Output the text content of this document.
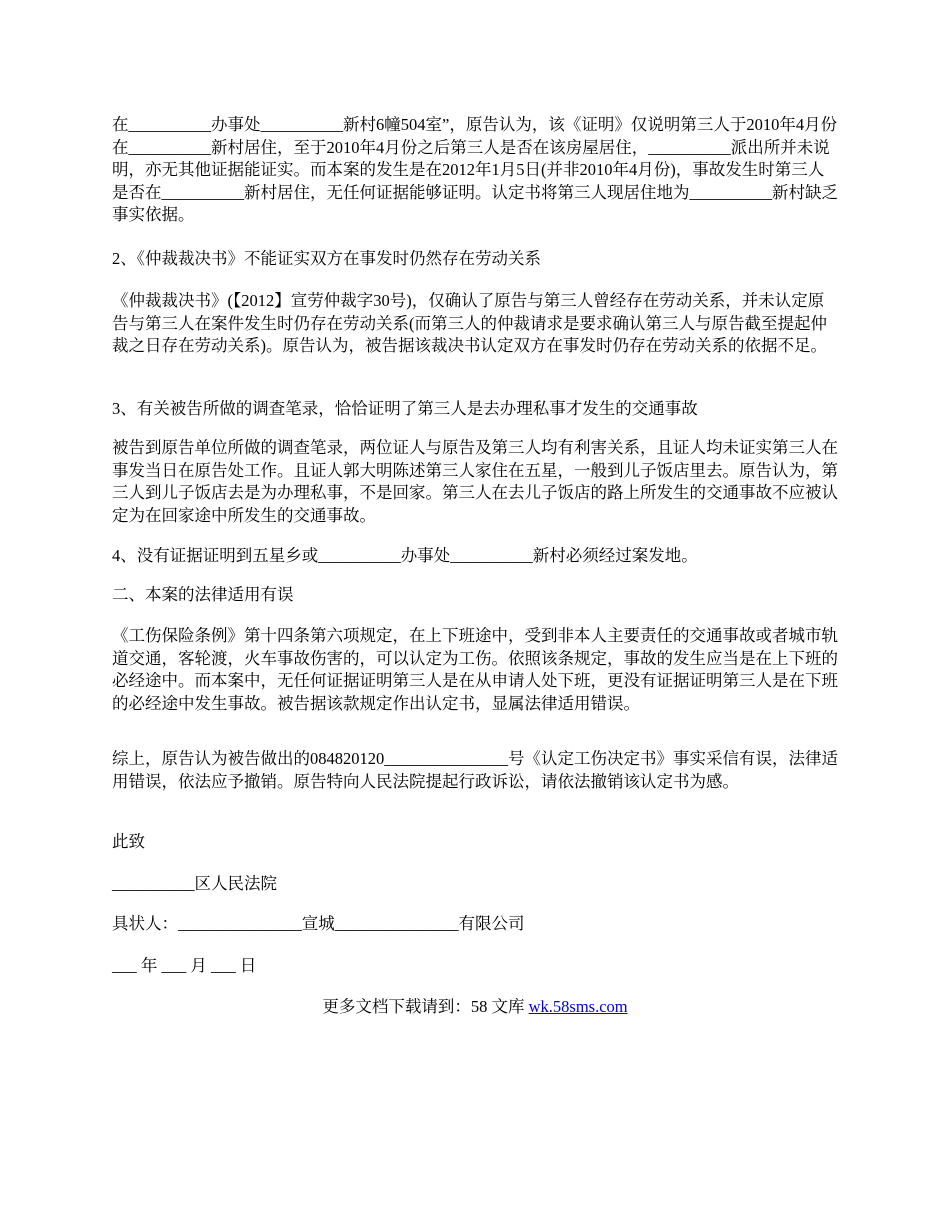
在__________办事处__________新村6幢504室”，原告认为，该《证明》仅说明第三人于2010年4月份在__________新村居住，至于2010年4月份之后第三人是否在该房屋居住，__________派出所并未说明，亦无其他证据能证实。而本案的发生是在2012年1月5日(并非2010年4月份)，事故发生时第三人是否在__________新村居住，无任何证据能够证明。认定书将第三人现居住地为__________新村缺乏事实依据。
2、《仲裁裁决书》不能证实双方在事发时仍然存在劳动关系
《仲裁裁决书》(【2012】宣劳仲裁字30号)，仅确认了原告与第三人曾经存在劳动关系，并未认定原告与第三人在案件发生时仍存在劳动关系(而第三人的仲裁请求是要求确认第三人与原告截至提起仲裁之日存在劳动关系)。原告认为，被告据该裁决书认定双方在事发时仍存在劳动关系的依据不足。
3、有关被告所做的调查笔录，恰恰证明了第三人是去办理私事才发生的交通事故
被告到原告单位所做的调查笔录，两位证人与原告及第三人均有利害关系，且证人均未证实第三人在事发当日在原告处工作。且证人郭大明陈述第三人家住在五星，一般到儿子饭店里去。原告认为，第三人到儿子饭店去是为办理私事，不是回家。第三人在去儿子饭店的路上所发生的交通事故不应被认定为在回家途中所发生的交通事故。
4、没有证据证明到五星乡或__________办事处__________新村必须经过案发地。
二、本案的法律适用有误
《工伤保险条例》第十四条第六项规定，在上下班途中，受到非本人主要责任的交通事故或者城市轨道交通，客轮渡，火车事故伤害的，可以认定为工伤。依照该条规定，事故的发生应当是在上下班的必经途中。而本案中，无任何证据证明第三人是在从申请人处下班，更没有证据证明第三人是在下班的必经途中发生事故。被告据该款规定作出认定书，显属法律适用错误。
综上，原告认为被告做出的084820120_______________号《认定工伤决定书》事实采信有误，法律适用错误，依法应予撤销。原告特向人民法院提起行政诉讼，请依法撤销该认定书为感。
此致
__________区人民法院
具状人：_______________宣城_______________有限公司
___ 年 ___ 月 ___ 日
更多文档下载请到：58 文库 wk.58sms.com
